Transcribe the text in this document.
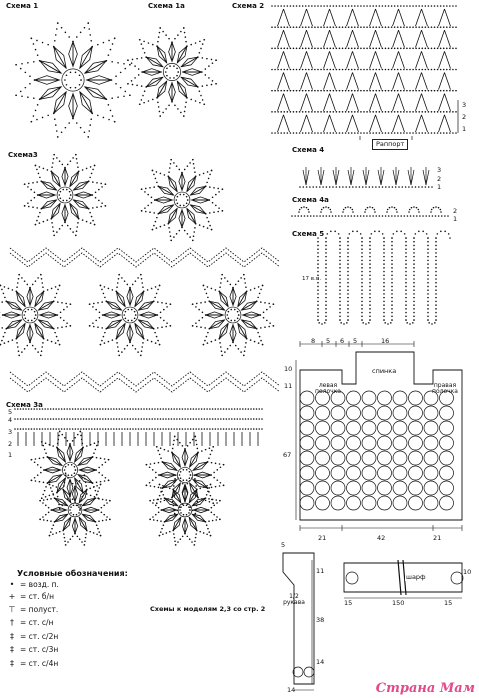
Схема 1	Схема 1а	Схема 2
Схема3
Схема 3а
Схема 4
Схема 4а
Схема 5
Раппорт
1
2
3
5
4
3
2
1
3
2
1
2
1
17 в.п.
спинка
левая полочка
правая полочка
8 5 6 5	16
10
11
67
21	42	21
5
11
38
14
14
1/2 рукава
шарф
10
15	150	15
Условные обозначения:
• = возд. п.
+ = ст. б/н
⊤ = полуст.
† = ст. с/н
‡ = ст. с/2н
‡ = ст. с/3н
‡ = ст. с/4н
Схемы к моделям 2,3 со стр. 2
Страна Мам
